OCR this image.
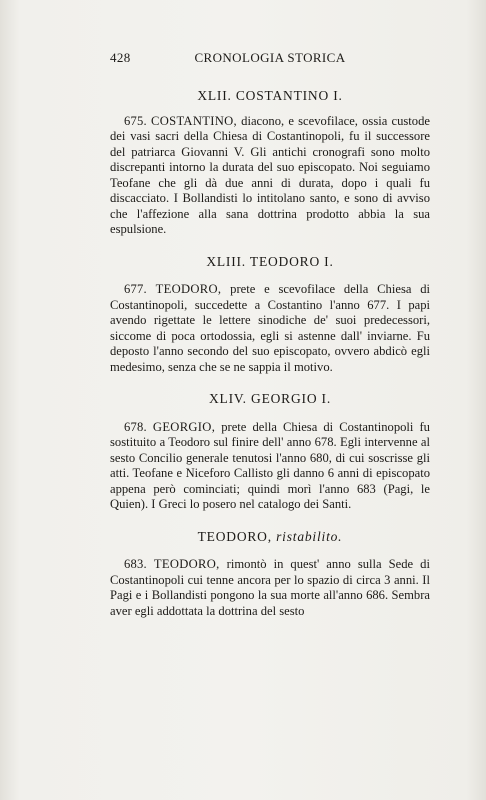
428	CRONOLOGIA STORICA
XLII. COSTANTINO I.

675. COSTANTINO, diacono, e scevofilace, ossia custode dei vasi sacri della Chiesa di Costantinopoli, fu il successore del patriarca Giovanni V. Gli antichi cronografi sono molto discrepanti intorno la durata del suo episcopato. Noi seguiamo Teofane che gli dà due anni di durata, dopo i quali fu discacciato. I Bollandisti lo intitolano santo, e sono di avviso che l'affezione alla sana dottrina prodotto abbia la sua espulsione.

XLIII. TEODORO I.

677. TEODORO, prete e scevofilace della Chiesa di Costantinopoli, succedette a Costantino l'anno 677. I papi avendo rigettate le lettere sinodiche de' suoi predecessori, siccome di poca ortodossia, egli si astenne dall' inviarne. Fu deposto l'anno secondo del suo episcopato, ovvero abdicò egli medesimo, senza che se ne sappia il motivo.

XLIV. GEORGIO I.

678. GEORGIO, prete della Chiesa di Costantinopoli fu sostituito a Teodoro sul finire dell' anno 678. Egli intervenne al sesto Concilio generale tenutosi l'anno 680, di cui soscrisse gli atti. Teofane e Niceforo Callisto gli danno 6 anni di episcopato appena però cominciati; quindi morì l'anno 683 (Pagi, le Quien). I Greci lo posero nel catalogo dei Santi.

TEODORO, ristabilito.

683. TEODORO, rimontò in quest' anno sulla Sede di Costantinopoli cui tenne ancora per lo spazio di circa 3 anni. Il Pagi e i Bollandisti pongono la sua morte all'anno 686. Sembra aver egli addottata la dottrina del sesto
